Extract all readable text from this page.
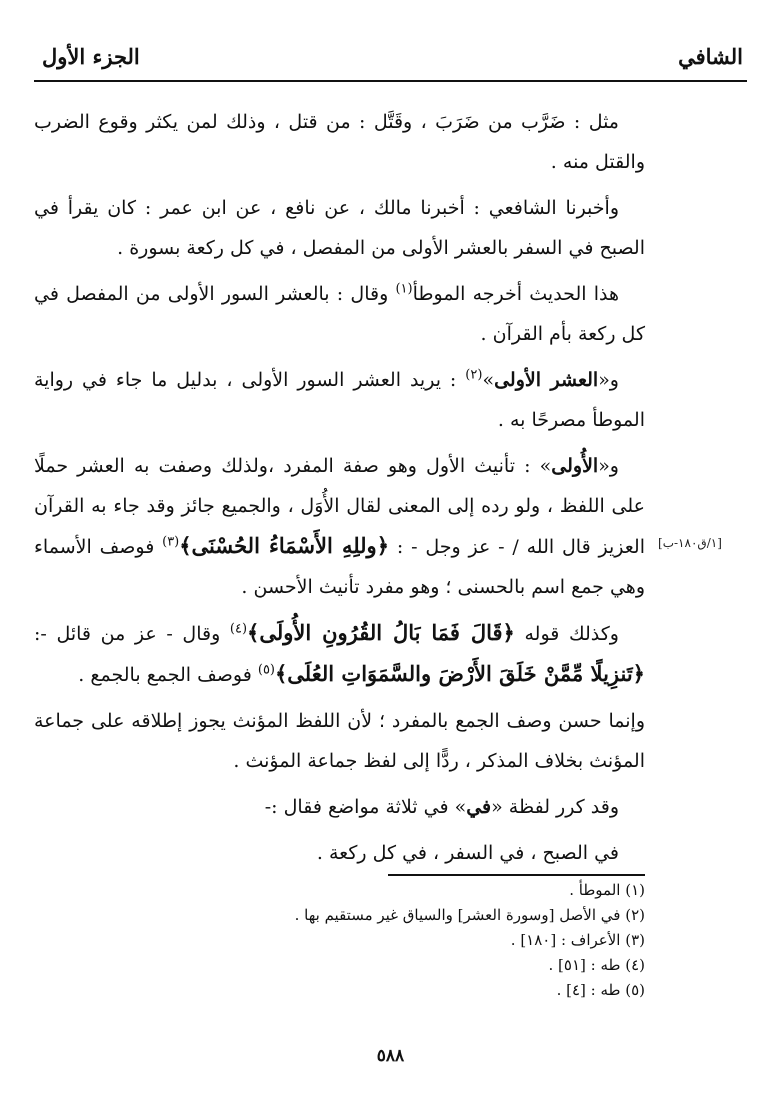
الشافي
الجزء الأول

مثل : ضَرَّب من ضَرَبَ ، وقَتَّل : من قتل ، وذلك لمن يكثر وقوع الضرب والقتل منه .

وأخبرنا الشافعي : أخبرنا مالك ، عن نافع ، عن ابن عمر : كان يقرأ في الصبح في السفر بالعشر الأولى من المفصل ، في كل ركعة بسورة .

هذا الحديث أخرجه الموطأ$^{(١)}$ وقال : بالعشر السور الأولى من المفصل في كل ركعة بأم القرآن .

و«العشر الأولى»$^{(٢)}$ : يريد العشر السور الأولى ، بدليل ما جاء في رواية الموطأ مصرحًا به .

و«الأُولى» : تأنيث الأول وهو صفة المفرد ،ولذلك وصفت به العشر حملًا على اللفظ ، ولو رده إلى المعنى لقال الأُوَل ، والجميع جائز وقد جاء به القرآن العزيز قال الله / - عز وجل - : ﴿وللِهِ الأَسْمَاءُ الحُسْنَى﴾$^{(٣)}$ فوصف الأسماء وهي جمع اسم بالحسنى ؛ وهو مفرد تأنيث الأحسن .

وكذلك قوله ﴿قَالَ فَمَا بَالُ القُرُونِ الأُولَى﴾$^{(٤)}$ وقال - عز من قائل -: ﴿تَنزِيلًا مِّمَّنْ خَلَقَ الأَرْضَ والسَّمَوَاتِ العُلَى﴾$^{(٥)}$ فوصف الجمع بالجمع .

وإنما حسن وصف الجمع بالمفرد ؛ لأن اللفظ المؤنث يجوز إطلاقه على جماعة المؤنث بخلاف المذكر ، ردًّا إلى لفظ جماعة المؤنث .

وقد كرر لفظة «في» في ثلاثة مواضع فقال :-

في الصبح ، في السفر ، في كل ركعة .

[١/ق١٨٠-ب]

(١) الموطأ .

(٢) في الأصل [وسورة العشر] والسياق غير مستقيم بها .

(٣) الأعراف : [١٨٠] .

(٤) طه : [٥١] .

(٥) طه : [٤] .

٥٨٨
